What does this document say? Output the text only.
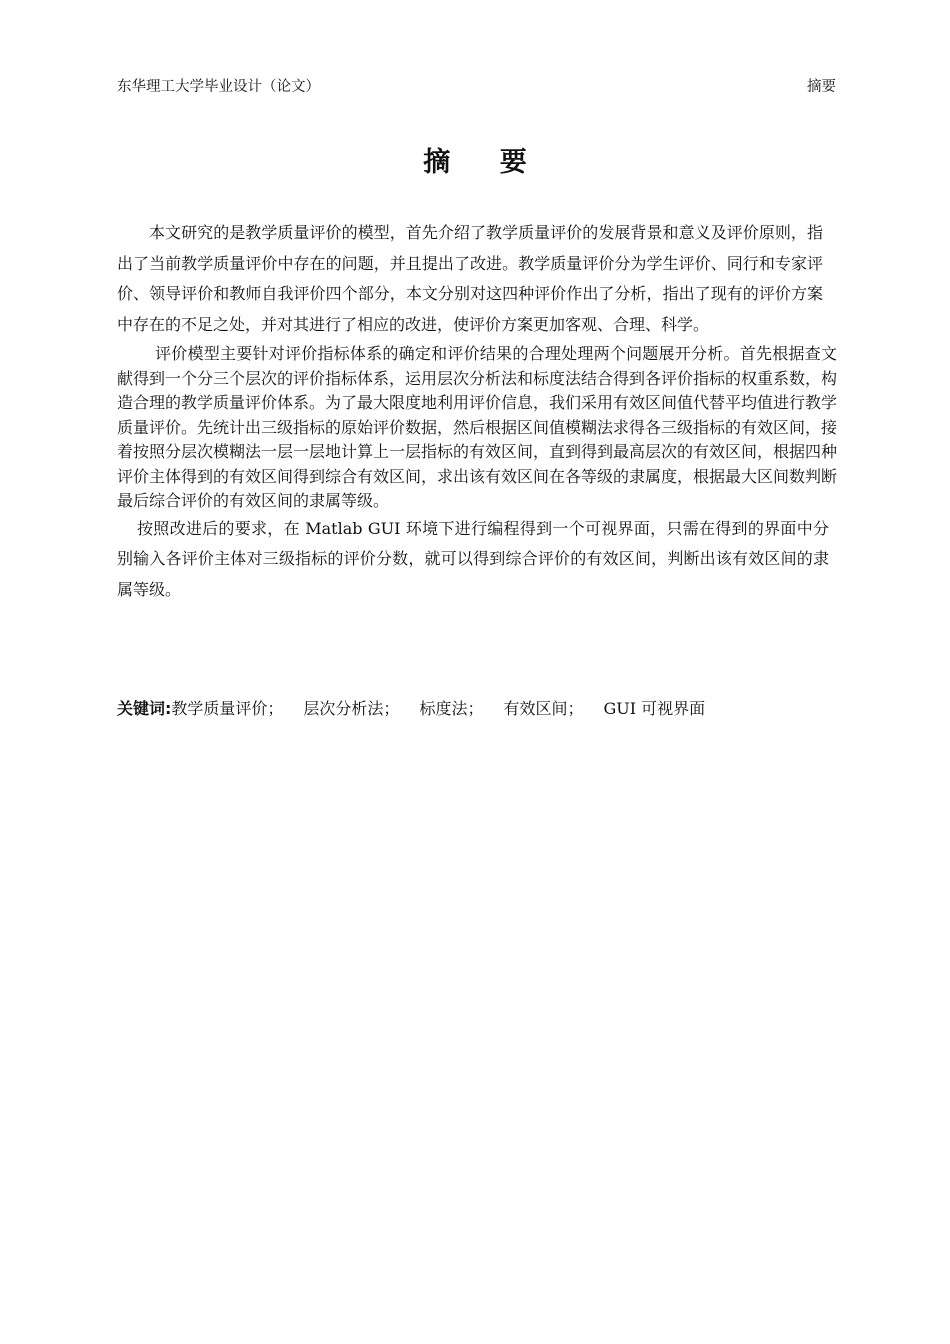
东华理工大学毕业设计（论文）	摘要
摘 要

本文研究的是教学质量评价的模型，首先介绍了教学质量评价的发展背景和意义及评价原则，指出了当前教学质量评价中存在的问题，并且提出了改进。教学质量评价分为学生评价、同行和专家评价、领导评价和教师自我评价四个部分，本文分别对这四种评价作出了分析，指出了现有的评价方案中存在的不足之处，并对其进行了相应的改进，使评价方案更加客观、合理、科学。

评价模型主要针对评价指标体系的确定和评价结果的合理处理两个问题展开分析。首先根据查文献得到一个分三个层次的评价指标体系，运用层次分析法和标度法结合得到各评价指标的权重系数，构造合理的教学质量评价体系。为了最大限度地利用评价信息，我们采用有效区间值代替平均值进行教学质量评价。先统计出三级指标的原始评价数据，然后根据区间值模糊法求得各三级指标的有效区间，接着按照分层次模糊法一层一层地计算上一层指标的有效区间，直到得到最高层次的有效区间，根据四种评价主体得到的有效区间得到综合有效区间，求出该有效区间在各等级的隶属度，根据最大区间数判断最后综合评价的有效区间的隶属等级。

按照改进后的要求，在 Matlab GUI 环境下进行编程得到一个可视界面，只需在得到的界面中分别输入各评价主体对三级指标的评价分数，就可以得到综合评价的有效区间，判断出该有效区间的隶属等级。

关键词:教学质量评价； 层次分析法； 标度法； 有效区间； GUI 可视界面
